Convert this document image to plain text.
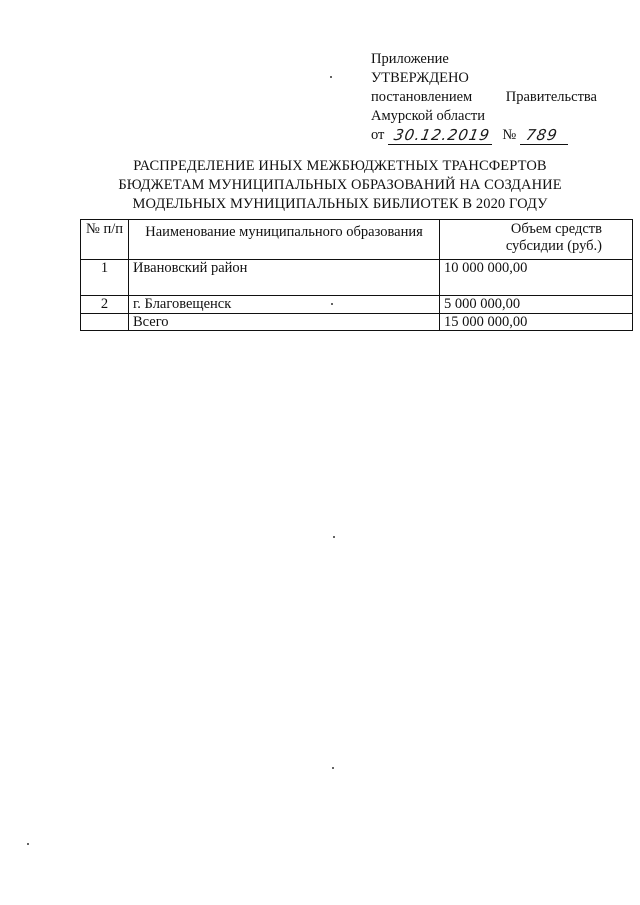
Приложение
УТВЕРЖДЕНО
постановлением Правительства
Амурской области
от 30.12.2019 № 789
РАСПРЕДЕЛЕНИЕ ИНЫХ МЕЖБЮДЖЕТНЫХ ТРАНСФЕРТОВ
БЮДЖЕТАМ МУНИЦИПАЛЬНЫХ ОБРАЗОВАНИЙ НА СОЗДАНИЕ
МОДЕЛЬНЫХ МУНИЦИПАЛЬНЫХ БИБЛИОТЕК В 2020 ГОДУ
№ п/п	Наименование муниципального образования	Объем средств
субсидии (руб.)

1	Ивановский район	10 000 000,00
2	г. Благовещенск	5 000 000,00
	Всего	15 000 000,00
